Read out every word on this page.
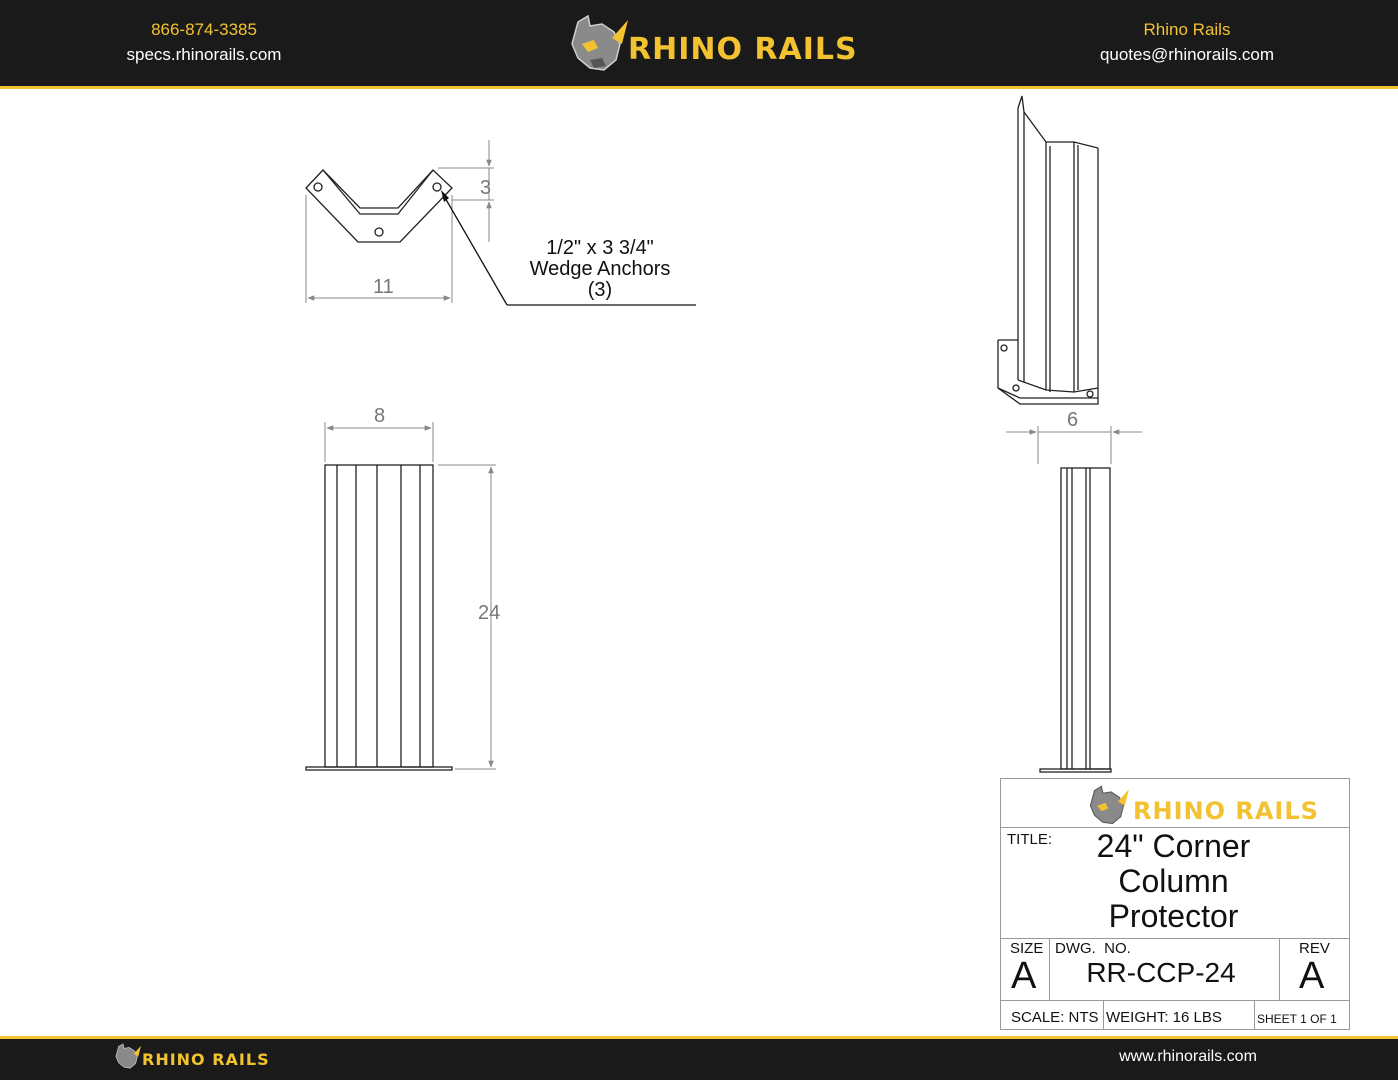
866-874-3385
specs.rhinorails.com	RHINO RAILS
Rhino Rails
quotes@rhinorails.com
3
11
8
24
6
1/2" x 3 3/4"
Wedge Anchors
(3)
RHINO RAILS
TITLE:	24" Corner
Column
Protector
SIZE
A
DWG.  NO.
RR-CCP-24
REV
A
SCALE: NTS WEIGHT: 16 LBS	SHEET 1 OF 1
RHINO RAILS	www.rhinorails.com
